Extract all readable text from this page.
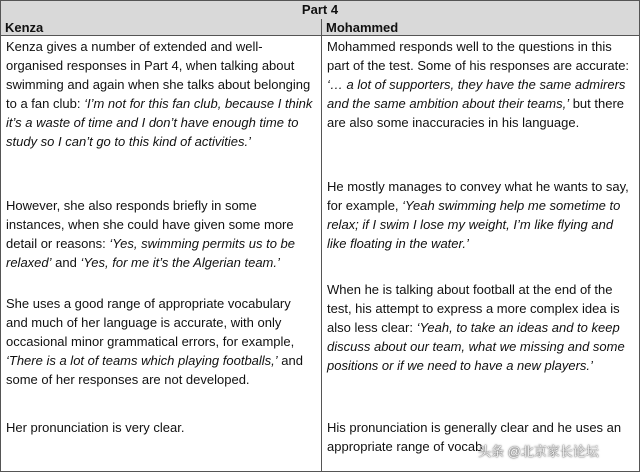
Part 4
Kenza	Mohammed

Kenza gives a number of extended and well-organised responses in Part 4, when talking about swimming and again when she talks about belonging to a fan club: ‘I’m not for this fan club, because I think it’s a waste of time and I don’t have enough time to study so I can’t go to this kind of activities.’

However, she also responds briefly in some instances, when she could have given some more detail or reasons: ‘Yes, swimming permits us to be relaxed’ and ‘Yes, for me it’s the Algerian team.’

She uses a good range of appropriate vocabulary and much of her language is accurate, with only occasional minor grammatical errors, for example, ‘There is a lot of teams which playing footballs,’ and some of her responses are not developed.

Her pronunciation is very clear.

Mohammed responds well to the questions in this part of the test. Some of his responses are accurate: ‘… a lot of supporters, they have the same admirers and the same ambition about their teams,’ but there are also some inaccuracies in his language.

He mostly manages to convey what he wants to say, for example, ‘Yeah swimming help me sometime to relax; if I swim I lose my weight, I’m like flying and like floating in the water.’

When he is talking about football at the end of the test, his attempt to express a more complex idea is also less clear: ‘Yeah, to take an ideas and to keep discuss about our team, what we missing and some positions or if we need to have a new players.’

His pronunciation is generally clear and he uses an appropriate range of vocab

头条 @北京家长论坛
